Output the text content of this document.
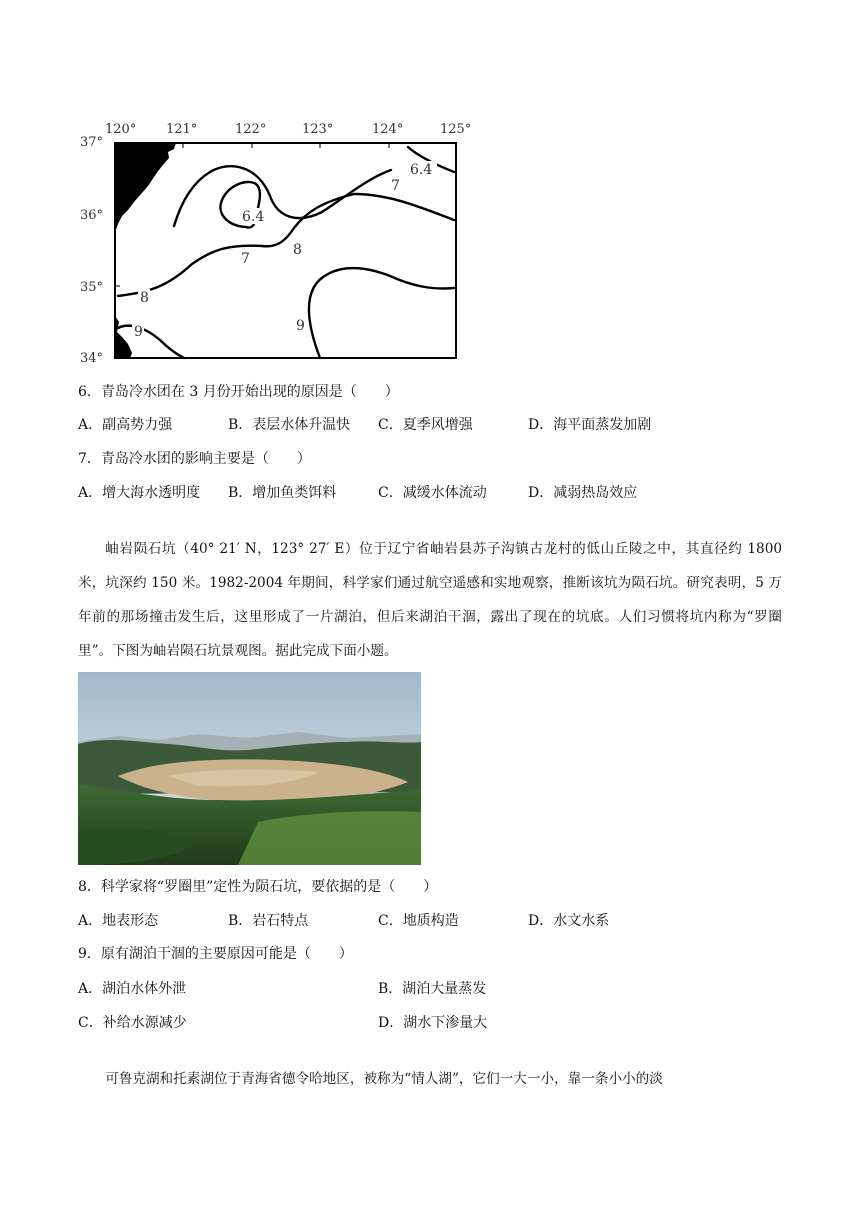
120° 121°	122°	123°	124°	125°
37°
36°
35°
34°
6.4
7
6.4
7
8
8
9	9
6．青岛冷水团在 3 月份开始出现的原因是（　　）
A．副高势力强	B．表层水体升温快 C．夏季风增强	D．海平面蒸发加剧
7．青岛冷水团的影响主要是（　　）
A．增大海水透明度 B．增加鱼类饵料	C．减缓水体流动	D．减弱热岛效应
岫岩陨石坑（40° 21′ N，123° 27′ E）位于辽宁省岫岩县苏子沟镇古龙村的低山丘陵之中，其直径约 1800 米，坑深约 150 米。1982-2004 年期间，科学家们通过航空遥感和实地观察，推断该坑为陨石坑。研究表明，5 万年前的那场撞击发生后，这里形成了一片湖泊，但后来湖泊干涸，露出了现在的坑底。人们习惯将坑内称为“罗圈里”。下图为岫岩陨石坑景观图。据此完成下面小题。
8．科学家将“罗圈里”定性为陨石坑，要依据的是（　　）
A．地表形态	B．岩石特点	C．地质构造	D．水文水系
9．原有湖泊干涸的主要原因可能是（　　）
A．湖泊水体外泄	B．湖泊大量蒸发
C．补给水源减少	D．湖水下渗量大
可鲁克湖和托素湖位于青海省德令哈地区，被称为“情人湖”，它们一大一小，靠一条小小的淡
